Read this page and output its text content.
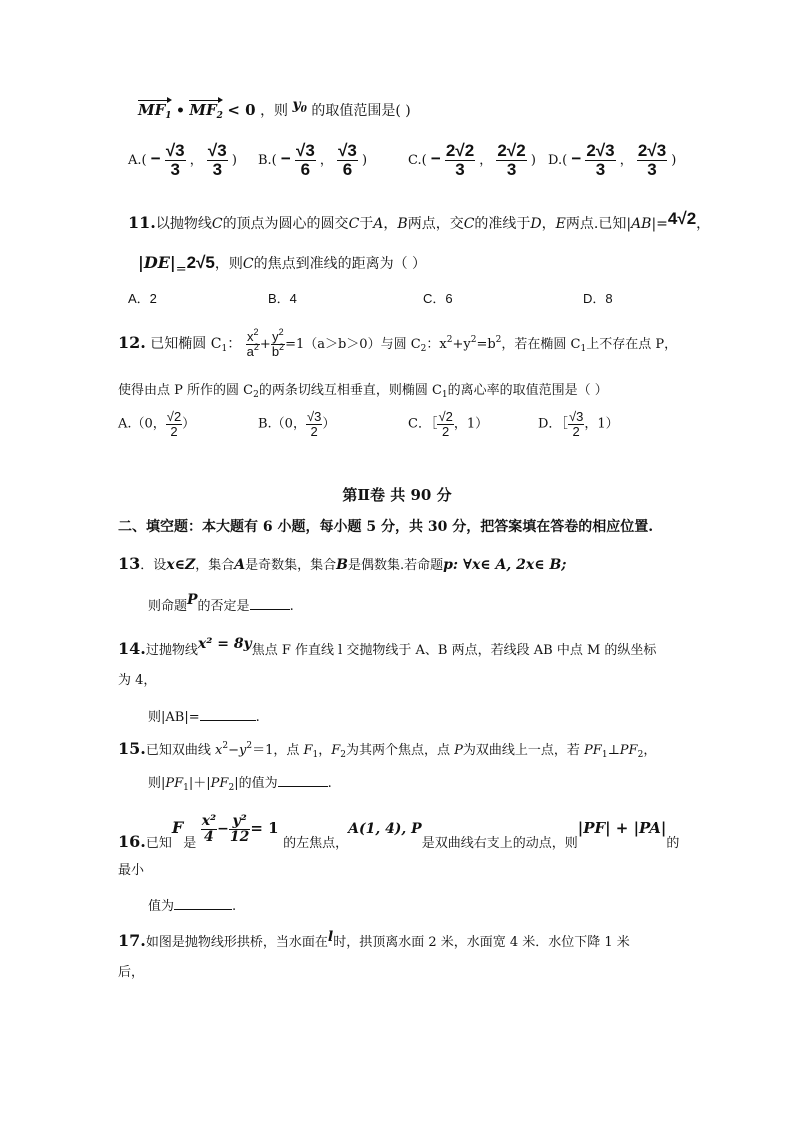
$MF_1$ • $MF_2 < 0$ ，则 $y_0$ 的取值范围是( )
$A.( - \frac{√3}{3}$ ， $\frac{√3}{3}$ ) $B.( - \frac{√3}{6}$ ， $\frac{√3}{6}$ )	$C.( - \frac{2√2}{3}$ ， $\frac{2√2}{3}$ ) $D.( - \frac{2√3}{3}$ ， $\frac{2√3}{3}$ )
11.以抛物线C的顶点为圆心的圆交C于A，B两点，交C的准线于D，E两点.已知|AB|=4√2，
|DE|=2√5，则C的焦点到准线的距离为（ ）
A．2	B．4	C．6	D．8
12. 已知椭圆 $C_1$： $\frac{x^2}{a^2} + \frac{y^2}{b^2} =1(a>b>0)$与圆 $C_2$：$x^2+y^2=b^2$，若在椭圆 $C_1$上不存在点 P，
使得由点 P 所作的圆 $C_2$的两条切线互相垂直，则椭圆 $C_1$的离心率的取值范围是（ ）
A.（0， $\frac{√2}{2}$ ）	B.（0， $\frac{√3}{2}$ ）	C．［ $\frac{√2}{2}$ ，1）	D．［ $\frac{√3}{2}$ ，1）
第Ⅱ卷 共 90 分
二、填空题：本大题有 6 小题，每小题 5 分，共 30 分，把答案填在答卷的相应位置.
13．设x∈Z，集合A是奇数集，集合B是偶数集.若命题p: ∀x∈ A, 2x∈ B;
则命题P的否定是	.
14.过抛物线x² = 8y焦点 F 作直线 l 交抛物线于 A、B 两点，若线段 AB 中点 M 的纵坐标
为 4，
则|AB|=	.
15.已知双曲线 $x^2-y^2=1$，点 $F_1$，$F_2$为其两个焦点，点 P为双曲线上一点，若 $PF_1\perp PF_2$，
则$|PF_1|+|PF_2|$的值为	.
16.已知F是 $\frac{\text{x²}}{4} - \frac{\text{y²}}{12} = 1$ 的左焦点，A(1, 4), P是双曲线右支上的动点，则|PF| + |PA|的
最小
值为	.
17.如图是抛物线形拱桥，当水面在l时，拱顶离水面 2 米，水面宽 4 米．水位下降 1 米
后，
